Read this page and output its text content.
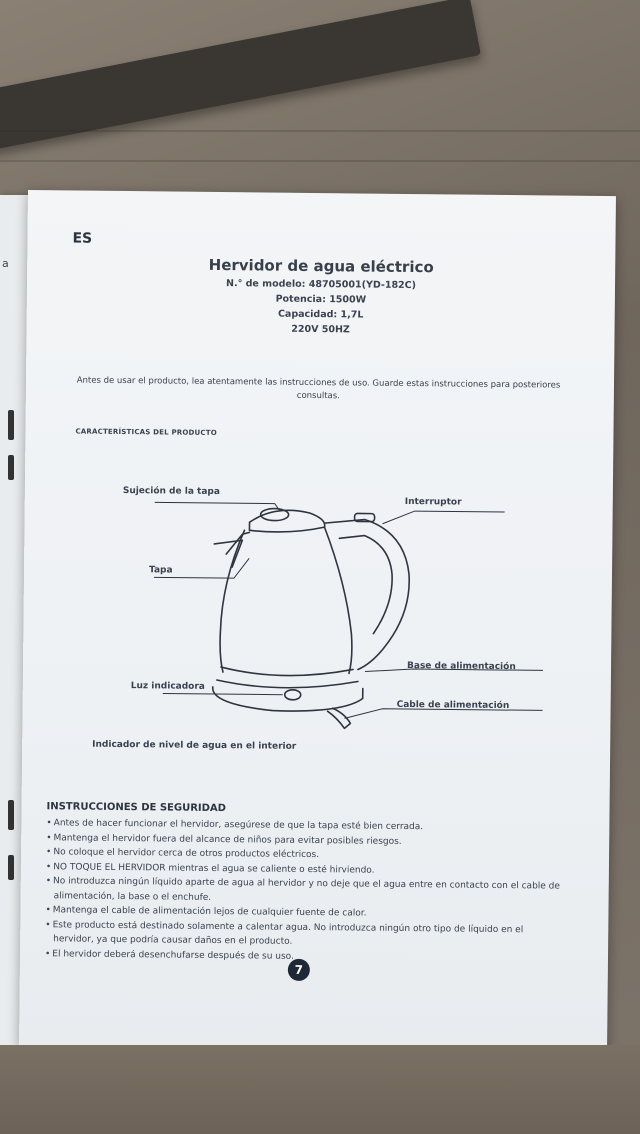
a
ES
Hervidor de agua eléctrico
N.° de modelo: 48705001(YD-182C)
Potencia: 1500W
Capacidad: 1,7L
220V 50HZ
Antes de usar el producto, lea atentamente las instrucciones de uso. Guarde estas instrucciones para posteriores consultas.
CARACTERÍSTICAS DEL PRODUCTO
Sujeción de la tapa
Interruptor
Tapa
Base de alimentación
Luz indicadora
Cable de alimentación
Indicador de nivel de agua en el interior
INSTRUCCIONES DE SEGURIDAD
• Antes de hacer funcionar el hervidor, asegúrese de que la tapa esté bien cerrada.
• Mantenga el hervidor fuera del alcance de niños para evitar posibles riesgos.
• No coloque el hervidor cerca de otros productos eléctricos.
• NO TOQUE EL HERVIDOR mientras el agua se caliente o esté hirviendo.
• No introduzca ningún líquido aparte de agua al hervidor y no deje que el agua entre en contacto con el cable de alimentación, la base o el enchufe.
• Mantenga el cable de alimentación lejos de cualquier fuente de calor.
• Este producto está destinado solamente a calentar agua. No introduzca ningún otro tipo de líquido en el hervidor, ya que podría causar daños en el producto.
• El hervidor deberá desenchufarse después de su uso.
7
